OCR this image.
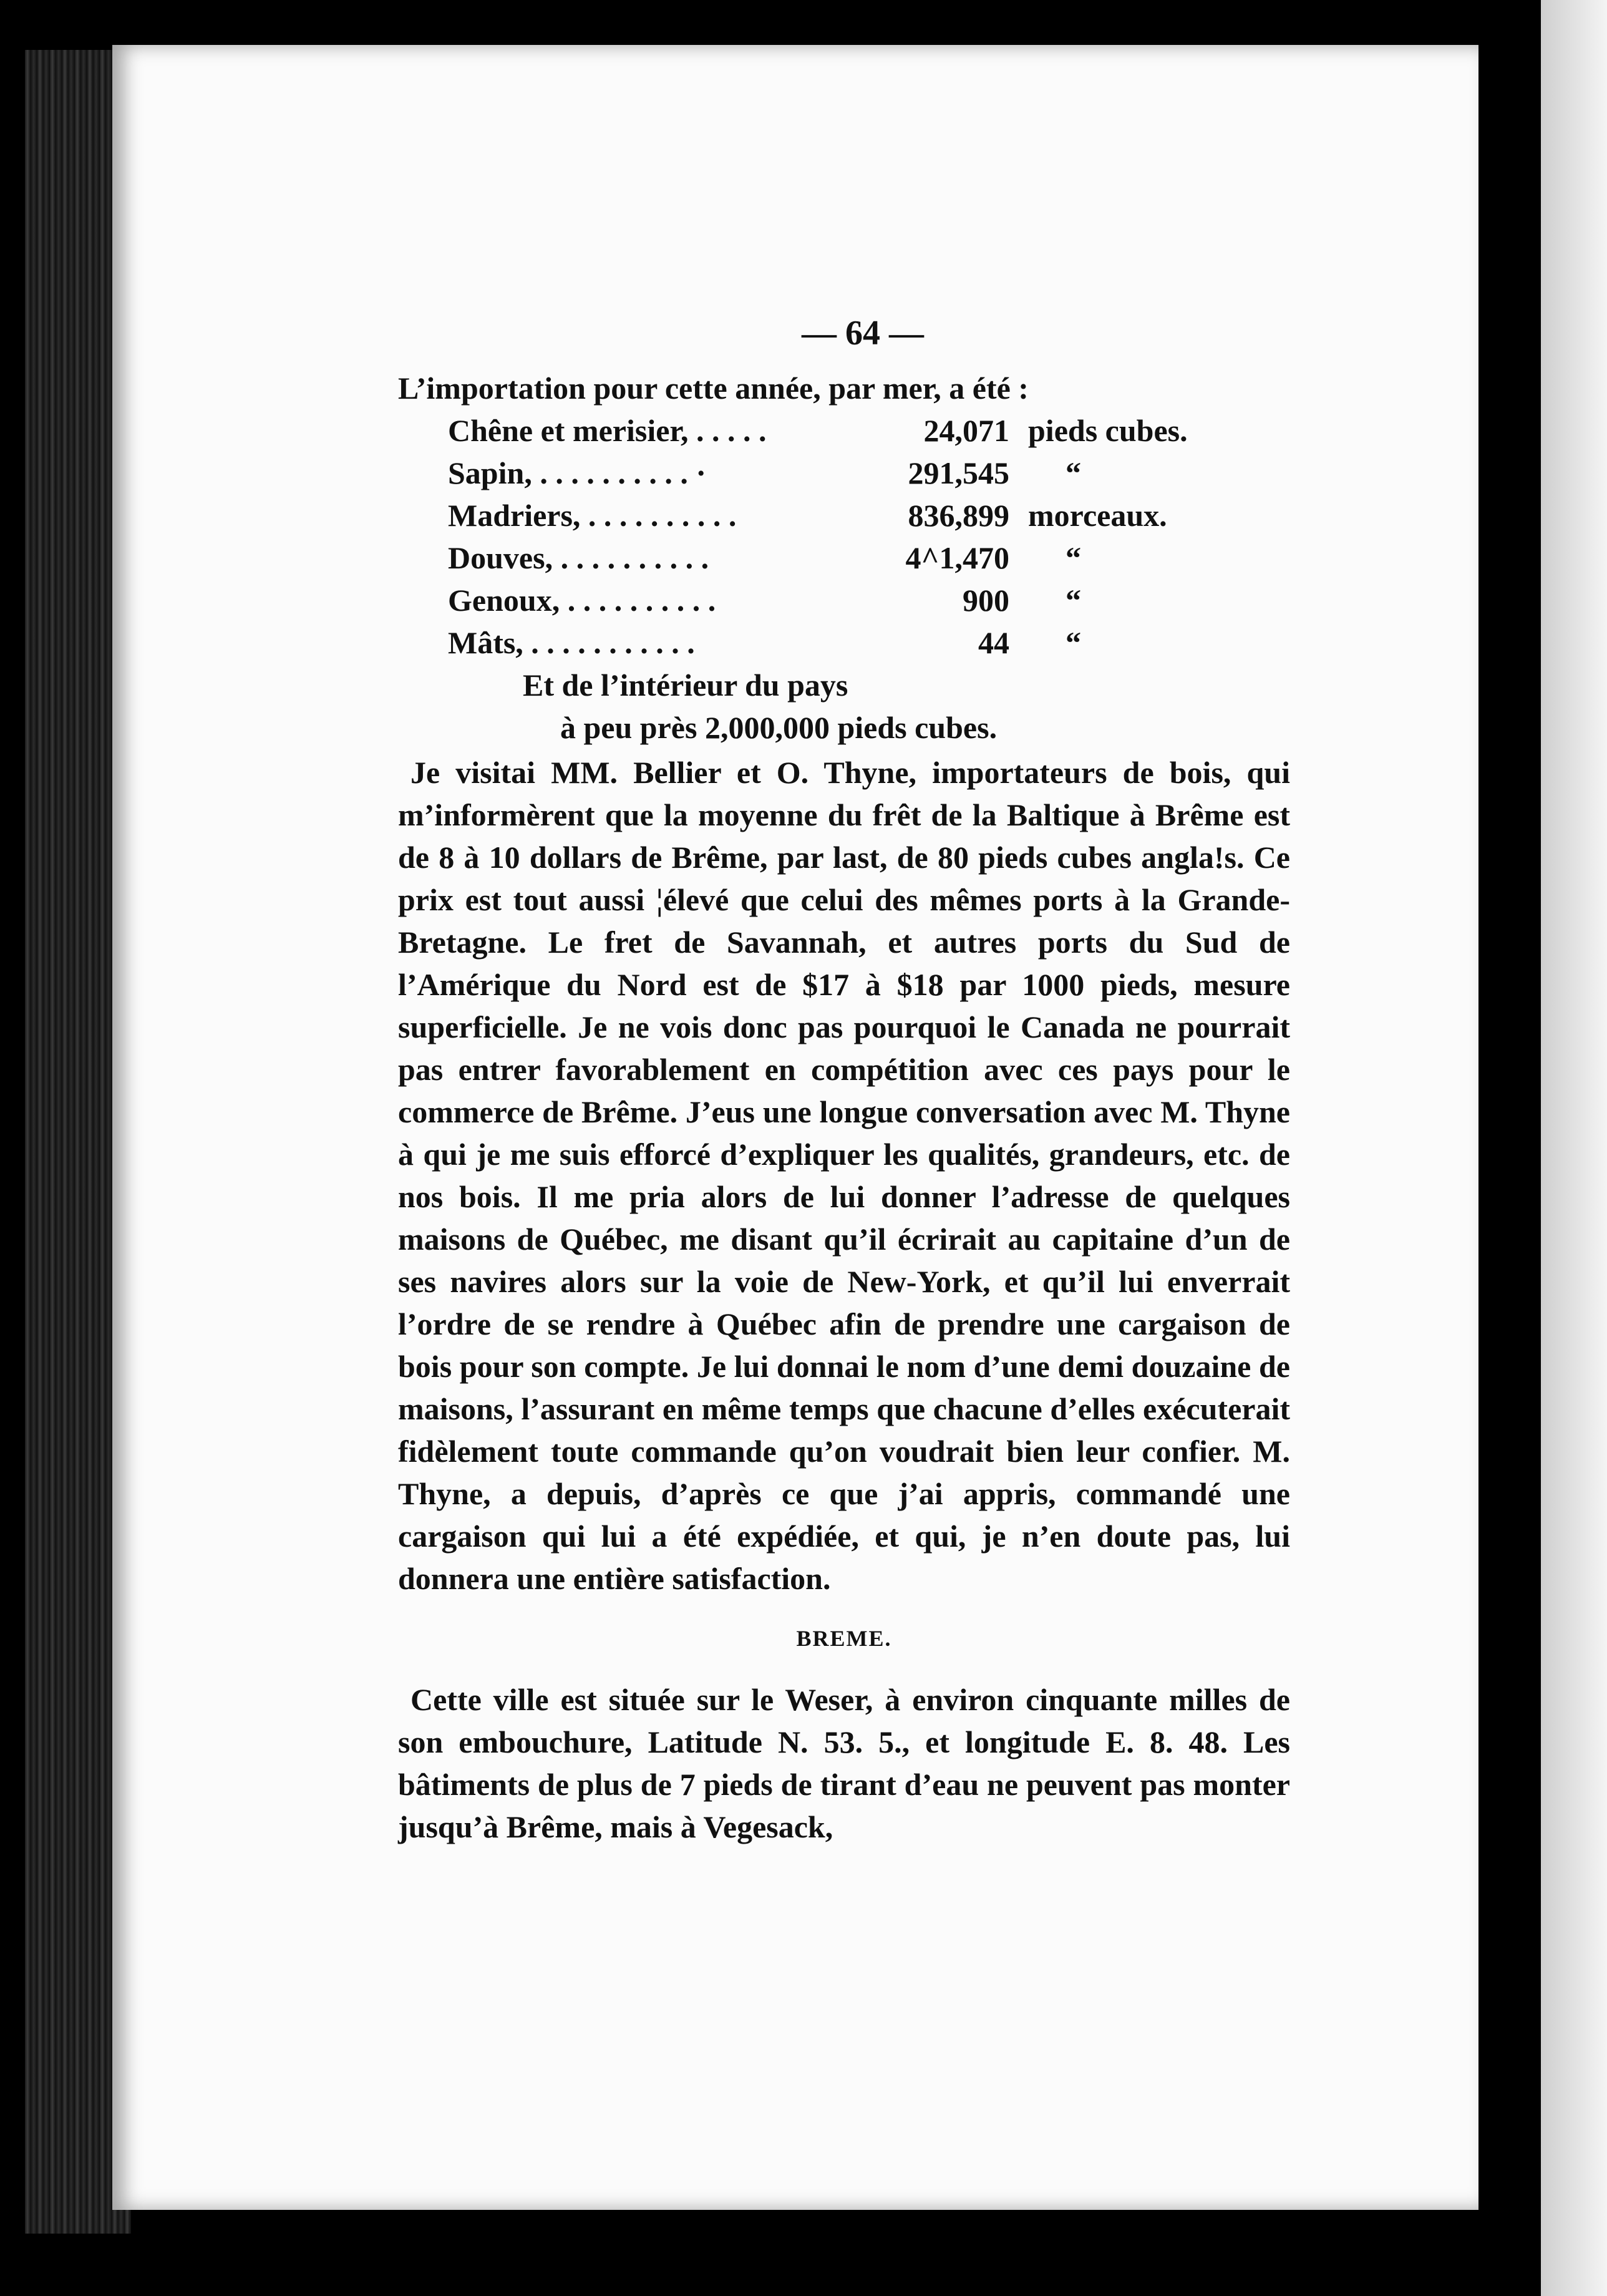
— 64 —
L’importation pour cette année, par mer, a été :
Chêne et merisier, . . . . .	24,071	pieds cubes.
Sapin, . . . . . . . . . . ·	291,545	“
Madriers, . . . . . . . . . .	836,899	morceaux.
Douves, . . . . . . . . . .	4^1,470	“
Genoux, . . . . . . . . . .	900	“
Mâts, . . . . . . . . . . .	44	“
Et de l’intérieur du pays
à peu près 2,000,000 pieds cubes.

Je visitai MM. Bellier et O. Thyne, importateurs de bois, qui m’informèrent que la moyenne du frêt de la Baltique à Brême est de 8 à 10 dollars de Brême, par last, de 80 pieds cubes angla!s. Ce prix est tout aussi ¦élevé que celui des mêmes ports à la Grande-Bretagne. Le fret de Savannah, et autres ports du Sud de l’Amérique du Nord est de $17 à $18 par 1000 pieds, mesure superficielle. Je ne vois donc pas pourquoi le Canada ne pourrait pas entrer favorablement en compétition avec ces pays pour le commerce de Brême. J’eus une longue conversation avec M. Thyne à qui je me suis efforcé d’expliquer les qualités, grandeurs, etc. de nos bois. Il me pria alors de lui donner l’adresse de quelques maisons de Québec, me disant qu’il écrirait au capitaine d’un de ses navires alors sur la voie de New-York, et qu’il lui enverrait l’ordre de se rendre à Québec afin de prendre une cargaison de bois pour son compte. Je lui donnai le nom d’une demi douzaine de maisons, l’assurant en même temps que chacune d’elles exécuterait fidèlement toute commande qu’on voudrait bien leur confier. M. Thyne, a depuis, d’après ce que j’ai appris, commandé une cargaison qui lui a été expédiée, et qui, je n’en doute pas, lui donnera une entière satisfaction.

BREME.

Cette ville est située sur le Weser, à environ cinquante milles de son embouchure, Latitude N. 53. 5., et longitude E. 8. 48. Les bâtiments de plus de 7 pieds de tirant d’eau ne peuvent pas monter jusqu’à Brême, mais à Vegesack,
